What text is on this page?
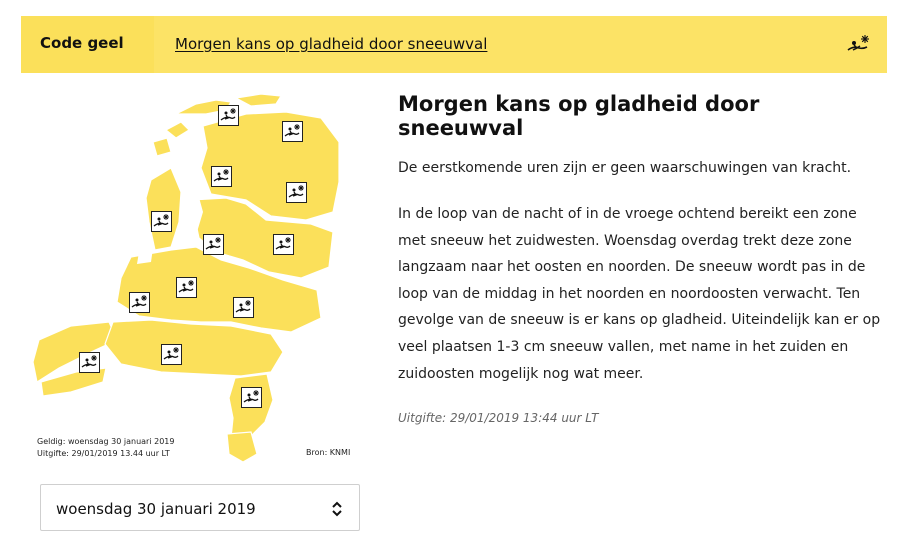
Code geel	Morgen kans op gladheid door sneeuwval
Geldig: woensdag 30 januari 2019
Uitgifte: 29/01/2019 13.44 uur LT	Bron: KNMI
woensdag 30 januari 2019
Morgen kans op gladheid door sneeuwval

De eerstkomende uren zijn er geen waarschuwingen van kracht.

In de loop van de nacht of in de vroege ochtend bereikt een zone met sneeuw het zuidwesten. Woensdag overdag trekt deze zone langzaam naar het oosten en noorden. De sneeuw wordt pas in de loop van de middag in het noorden en noordoosten verwacht. Ten gevolge van de sneeuw is er kans op gladheid. Uiteindelijk kan er op veel plaatsen 1-3 cm sneeuw vallen, met name in het zuiden en zuidoosten mogelijk nog wat meer.

Uitgifte: 29/01/2019 13:44 uur LT
